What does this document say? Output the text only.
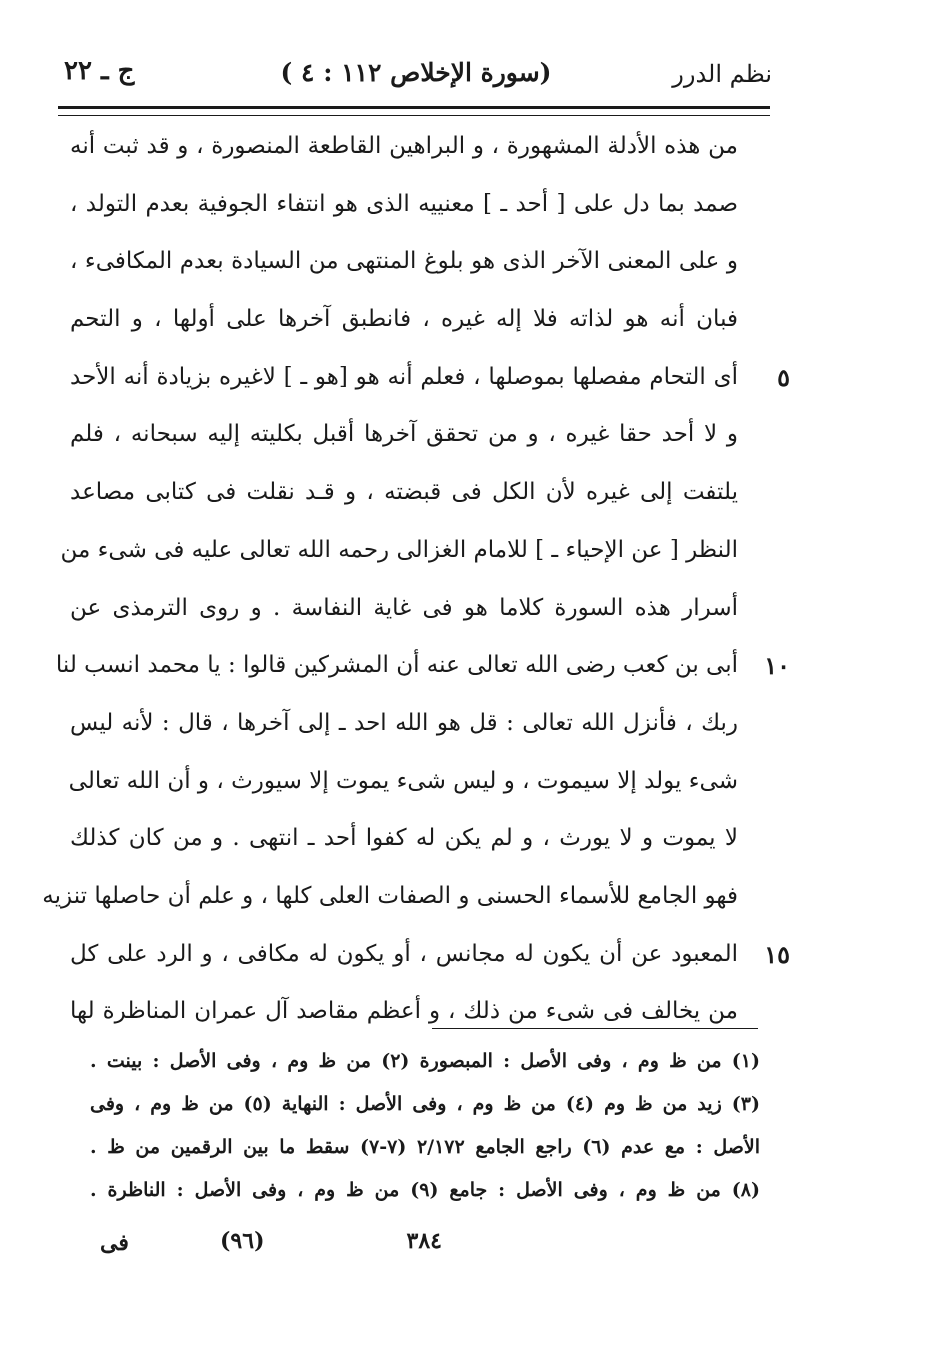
نظم الدرر
(سورة الإخلاص ١١٢ : ٤ )
ج ـ ٢٢
من هذه الأدلة المشهورة ، و البراهين القاطعة المنصورة ، و قد ثبت أنه
صمد بما دل على [ أحد ـ ] معنييه الذى هو انتفاء الجوفية بعدم التولد ،
و على المعنى الآخر الذى هو بلوغ المنتهى من السيادة بعدم المكافىء ،
فبان أنه هو لذاته فلا إله غيره ، فانطبق آخرها على أولها ، و التحم
٥
أى التحام مفصلها بموصلها ، فعلم أنه هو [هو ـ ] لاغيره بزيادة أنه الأحد
و لا أحد حقا غيره ، و من تحقق آخرها أقبل بكليته إليه سبحانه ، فلم
يلتفت إلى غيره لأن الكل فى قبضته ، و قـد نقلت فى كتابى مصاعد
النظر [ عن الإحياء ـ ] للامام الغزالى رحمه الله تعالى عليه فى شىء من
أسرار هذه السورة كلاما هو فى غاية النفاسة . و روى الترمذى عن
١٠
أبى بن كعب رضى الله تعالى عنه أن المشركين قالوا : يا محمد انسب لنا
ربك ، فأنزل الله تعالى : قل هو الله احد ـ إلى آخرها ، قال : لأنه ليس
شىء يولد إلا سيموت ، و ليس شىء يموت إلا سيورث ، و أن الله تعالى
لا يموت و لا يورث ، و لم يكن له كفوا أحد ـ انتهى . و من كان كذلك
فهو الجامع للأسماء الحسنى و الصفات العلى كلها ، و علم أن حاصلها تنزيه
١٥
المعبود عن أن يكون له مجانس ، أو يكون له مكافى ، و الرد على كل
من يخالف فى شىء من ذلك ، و أعظم مقاصد آل عمران المناظرة لها
(١) من ظ وم ، وفى الأصل : المبصورة (٢) من ظ وم ، وفى الأصل : بينت .
(٣) زيد من ظ وم (٤) من ظ وم ، وفى الأصل : النهاية (٥) من ظ وم ، وفى
الأصل : مع عدم (٦) راجع الجامع ٢/١٧٢ (٧-٧) سقط ما بين الرقمين من ظ .
(٨) من ظ وم ، وفى الأصل : جامع (٩) من ظ وم ، وفى الأصل : الناظرة .
٣٨٤
(٩٦)
فى
